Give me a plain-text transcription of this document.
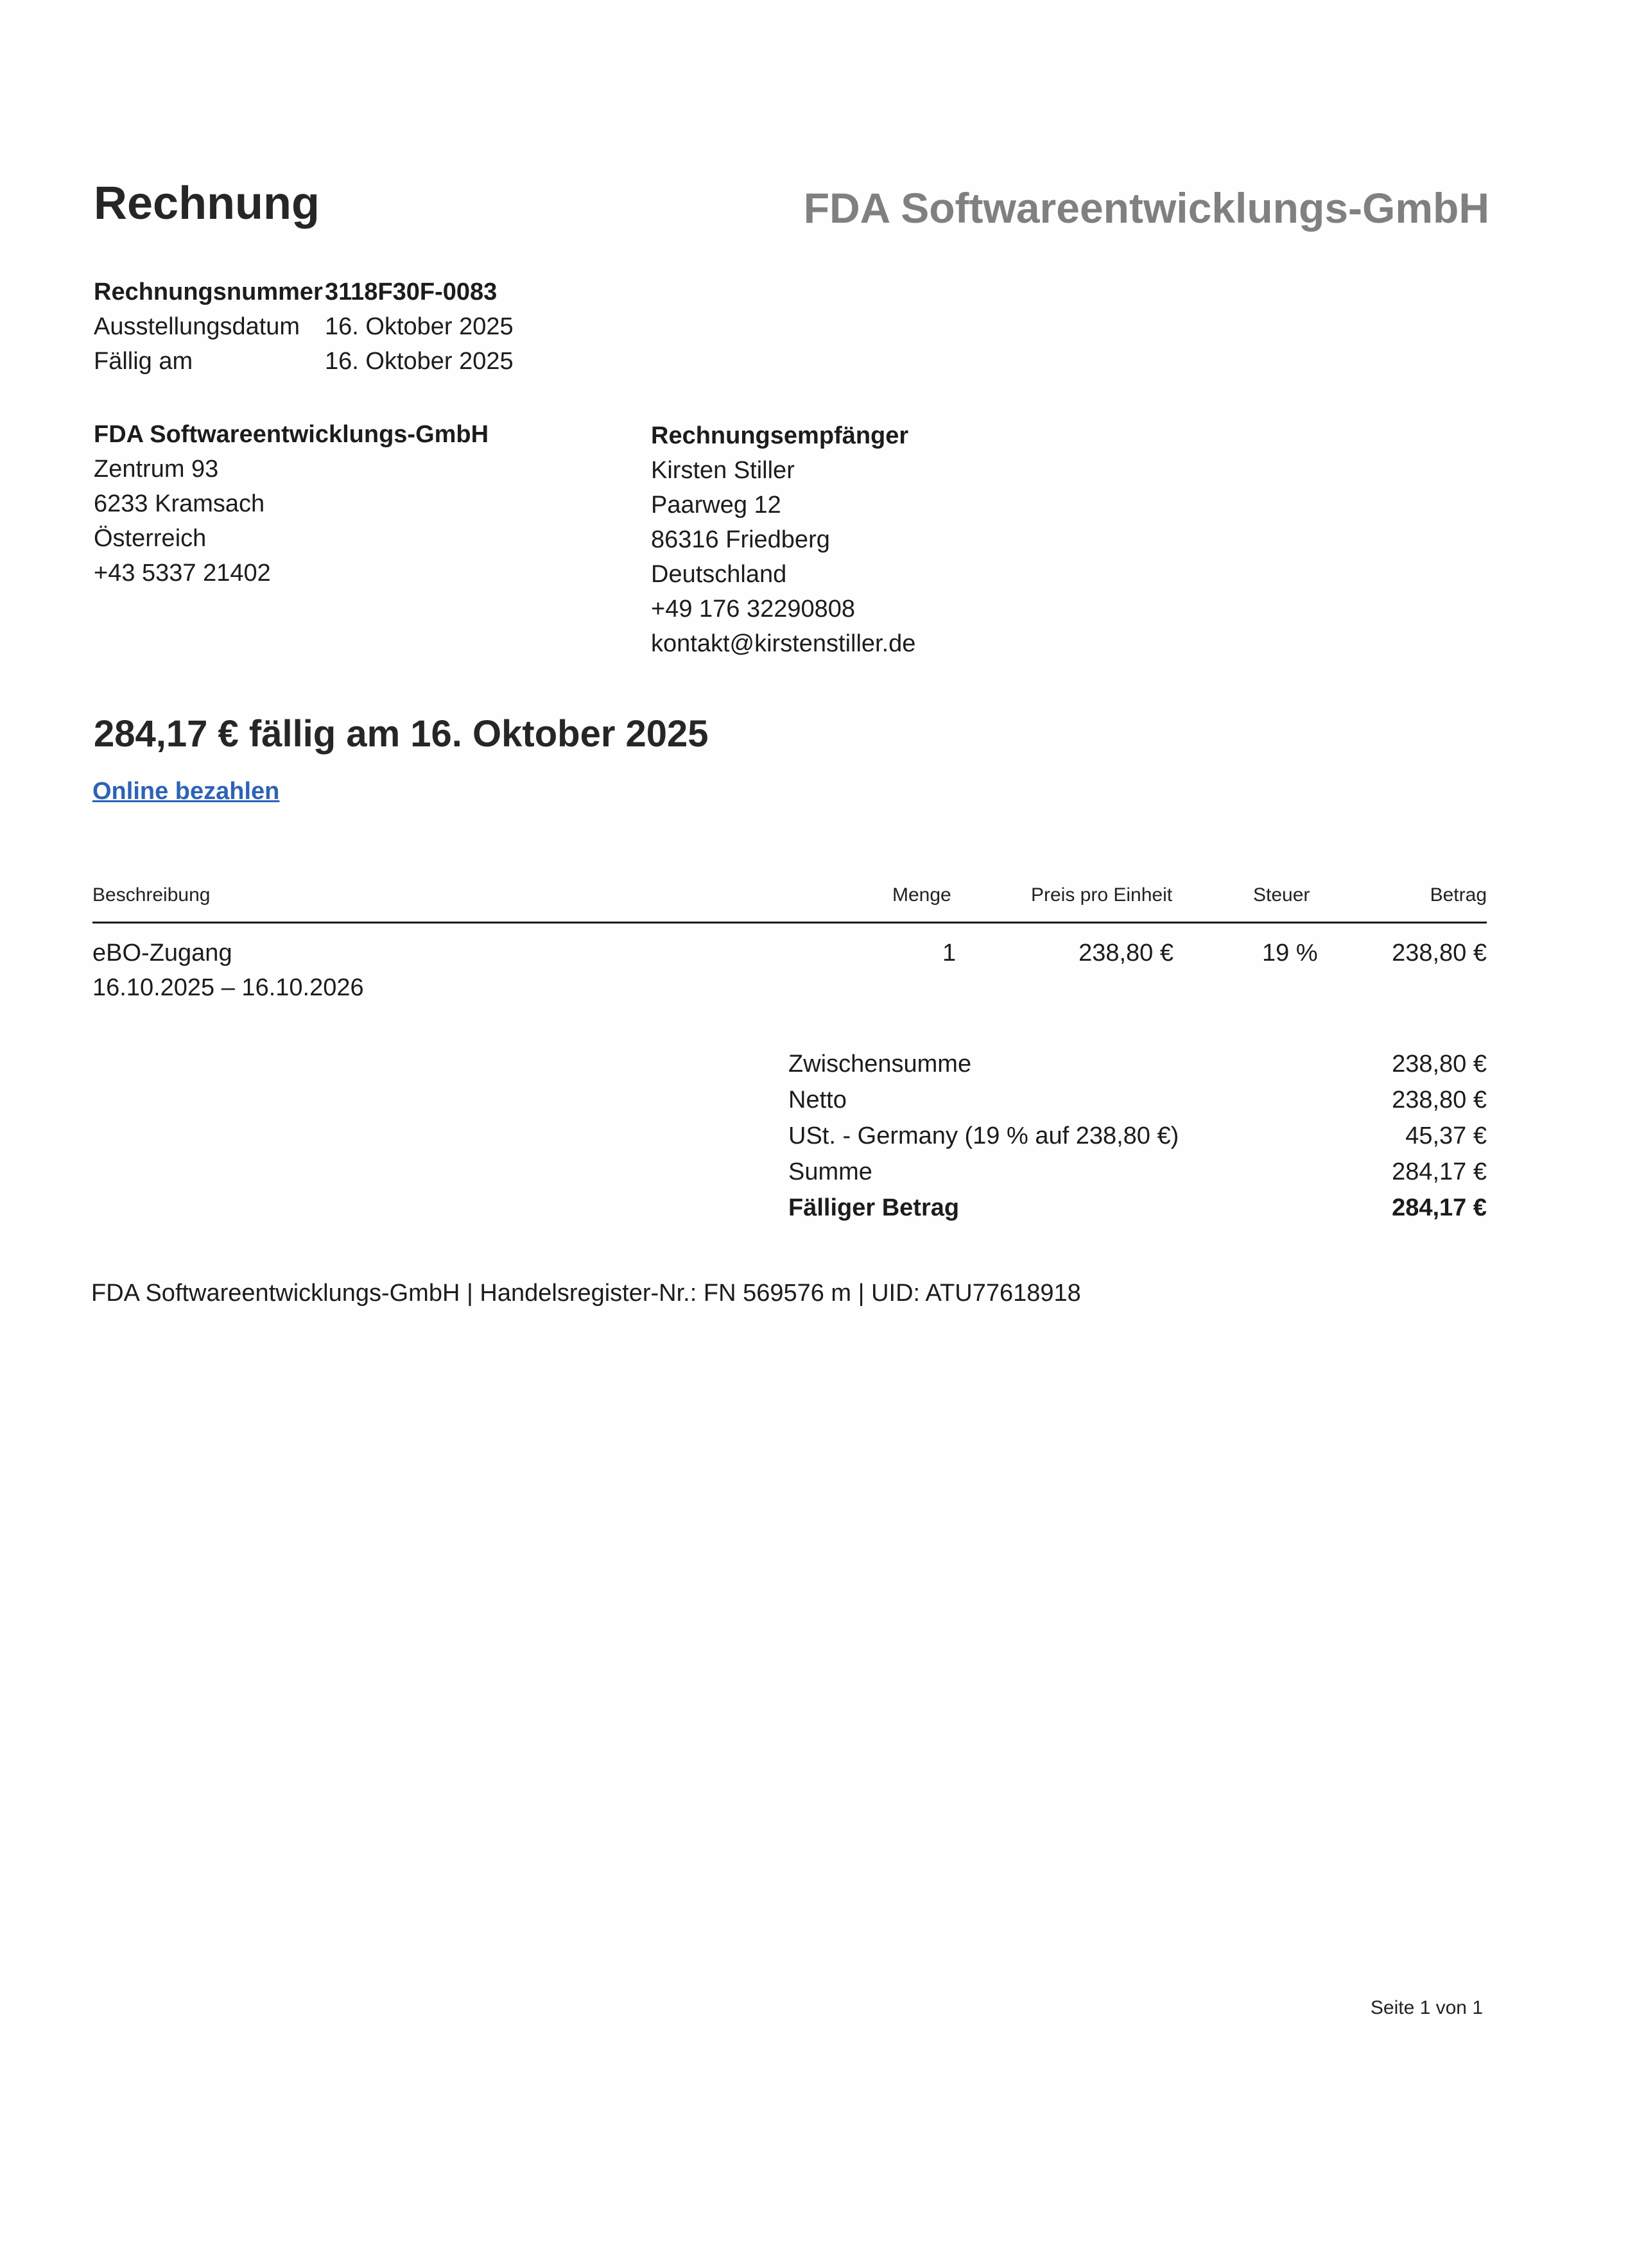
Rechnung	FDA Softwareentwicklungs-GmbH
Rechnungsnummer 3118F30F-0083
Ausstellungsdatum	16. Oktober 2025
Fällig am	16. Oktober 2025
FDA Softwareentwicklungs-GmbH
Zentrum 93
6233 Kramsach
Österreich
+43 5337 21402
Rechnungsempfänger
Kirsten Stiller
Paarweg 12
86316 Friedberg
Deutschland
+49 176 32290808
kontakt@kirstenstiller.de
284,17 € fällig am 16. Oktober 2025
Online bezahlen
Beschreibung	Menge	Preis pro Einheit	Steuer	Betrag
eBO-Zugang
16.10.2025 – 16.10.2026
1	238,80 €	19 %	238,80 €
Zwischensumme	238,80 €
Netto	238,80 €
USt. - Germany (19 % auf 238,80 €)	45,37 €
Summe	284,17 €
Fälliger Betrag	284,17 €
FDA Softwareentwicklungs-GmbH | Handelsregister-Nr.: FN 569576 m | UID: ATU77618918
Seite 1 von 1
